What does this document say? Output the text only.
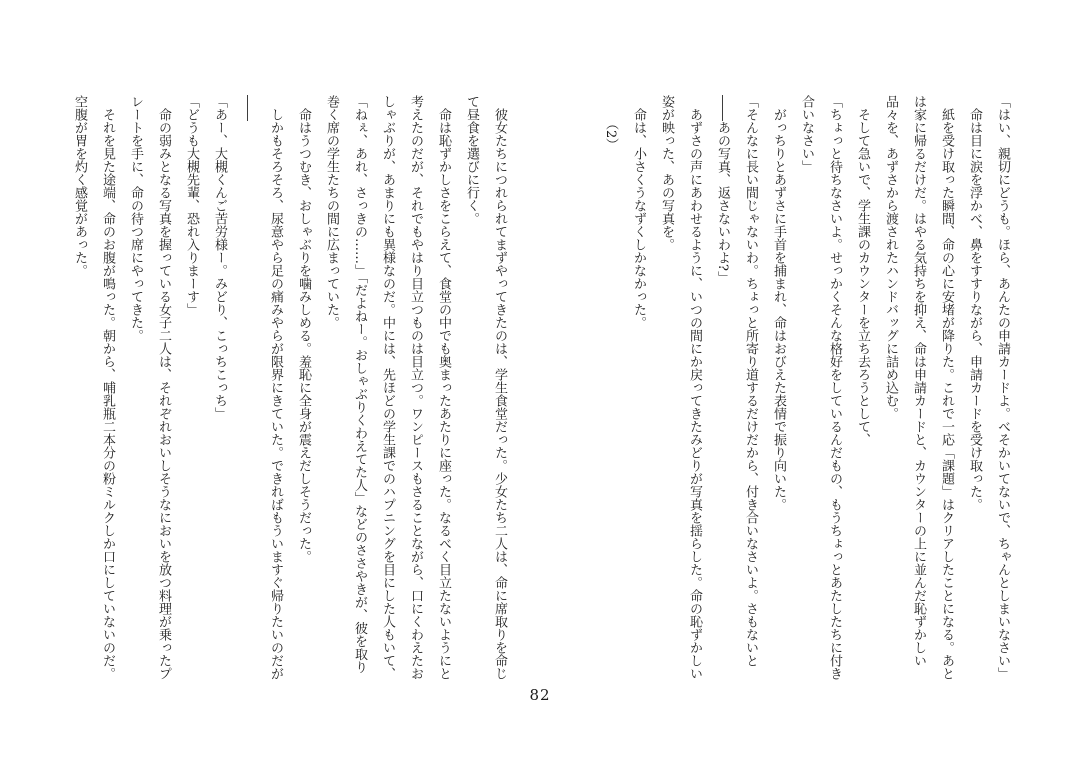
「はい、親切にどうも。ほら、あんたの申請カードよ。べそかいてないで、ちゃんとしまいなさい」

命は目に涙を浮かべ、鼻をすすりながら、申請カードを受け取った。

紙を受け取った瞬間、命の心に安堵が降りた。これで一応「課題」はクリアしたことになる。あとは家に帰るだけだ。はやる気持ちを抑え、命は申請カードと、カウンターの上に並んだ恥ずかしい品々を、あずさから渡されたハンドバッグに詰め込む。

そして急いで、学生課のカウンターを立ち去ろうとして、

「ちょっと待ちなさいよ。せっかくそんな格好をしているんだもの、もうちょっとあたしたちに付き合いなさい」

がっちりとあずさに手首を捕まれ、命はおびえた表情で振り向いた。

「そんなに長い間じゃないわ。ちょっと所寄り道するだけだから、付き合いなさいよ。さもないと――あの写真、返さないわよ?」

あずさの声にあわせるように、いつの間にか戻ってきたみどりが写真を揺らした。命の恥ずかしい姿が映った、あの写真を。

命は、小さくうなずくしかなかった。

（2）

彼女たちにつれられてまずやってきたのは、学生食堂だった。少女たち二人は、命に席取りを命じて昼食を選びに行く。

命は恥ずかしさをこらえて、食堂の中でも奥まったあたりに座った。なるべく目立たないようにと考えたのだが、それでもやはり目立つものは目立つ。ワンピースもさることながら、口にくわえたおしゃぶりが、あまりにも異様なのだ。中には、先ほどの学生課でのハプニングを目にした人もいて、「ねぇ、あれ、さっきの……」「だよねー。おしゃぶりくわえてた人」などのささやきが、彼を取り巻く席の学生たちの間に広まっていた。

命はうつむき、おしゃぶりを噛みしめる。羞恥に全身が震えだしそうだった。

しかもそろそろ、尿意やら足の痛みやらが限界にきていた。できればもういますぐ帰りたいのだが――

「あー、大槻くんご苦労様ー。みどり、こっちこっち」

「どうも大槻先輩、恐れ入りまーす」

命の弱みとなる写真を握っている女子二人は、それぞれおいしそうなにおいを放つ料理が乗ったプレートを手に、命の待つ席にやってきた。

それを見た途端、命のお腹が鳴った。朝から、哺乳瓶二本分の粉ミルクしか口にしていないのだ。空腹が胃を灼く感覚があった。

82
